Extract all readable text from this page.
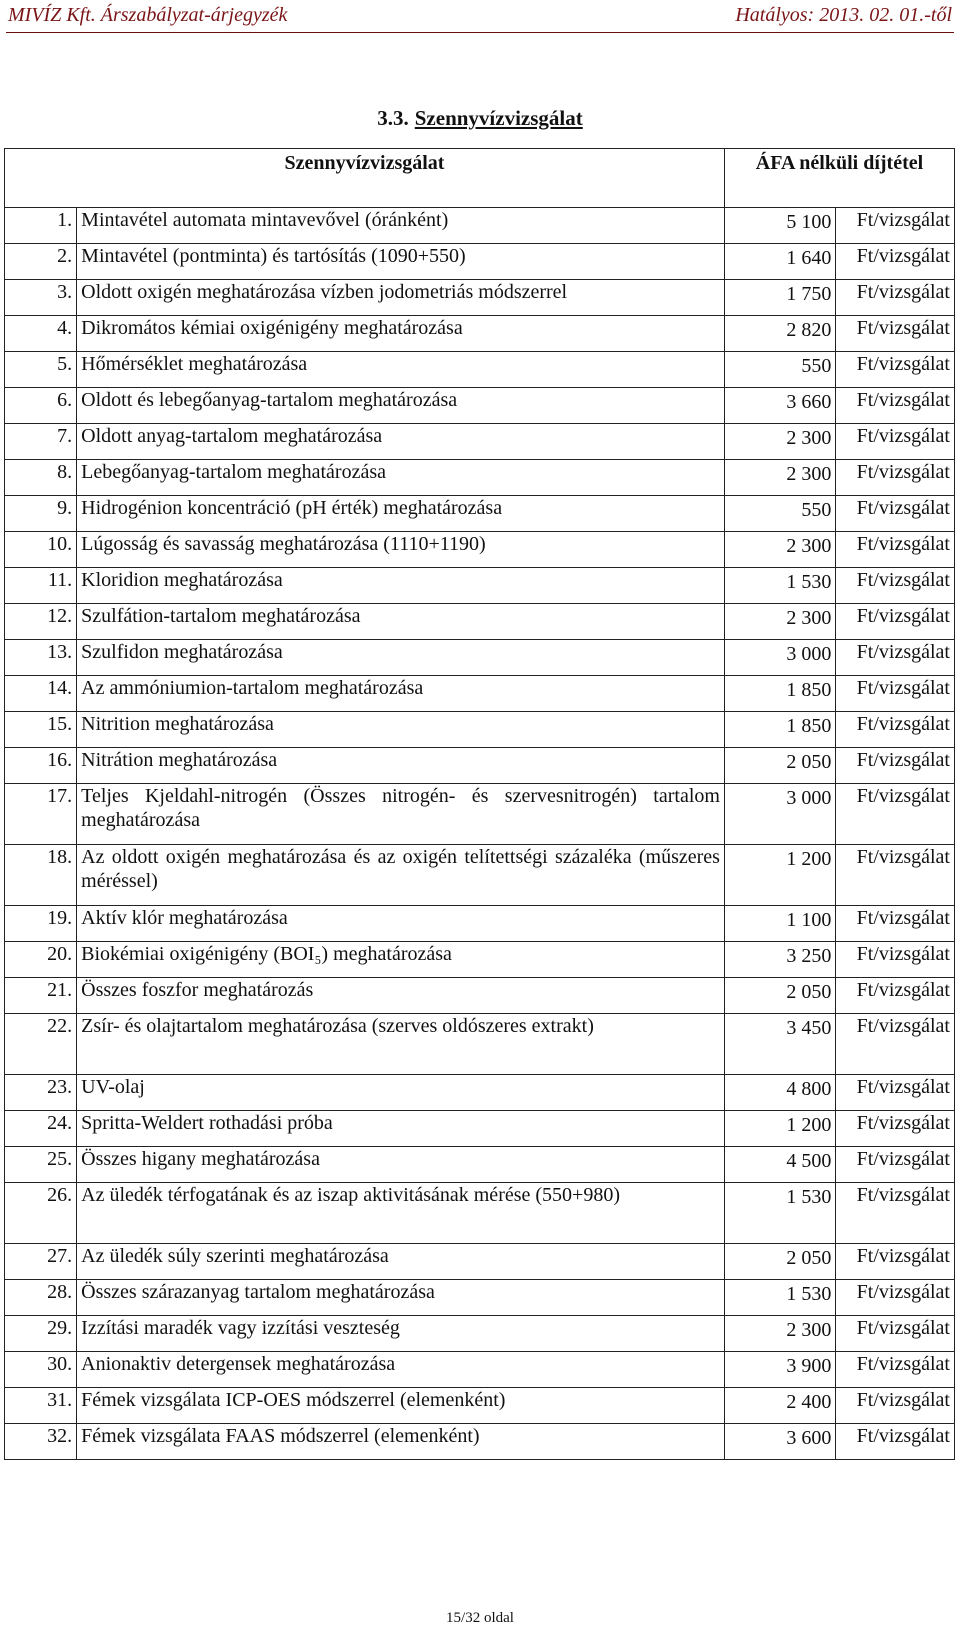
MIVÍZ Kft. Árszabályzat-árjegyzék	Hatályos: 2013. 02. 01.-től
3.3. Szennyvízvizsgálat
Szennyvízvizsgálat		ÁFA nélküli díjtétel	
1.	Mintavétel automata mintavevővel (óránként)	5 100	Ft/vizsgálat
2.	Mintavétel (pontminta) és tartósítás (1090+550)	1 640	Ft/vizsgálat
3.	Oldott oxigén meghatározása vízben jodometriás módszerrel	1 750	Ft/vizsgálat
4.	Dikromátos kémiai oxigénigény meghatározása	2 820	Ft/vizsgálat
5.	Hőmérséklet meghatározása	550	Ft/vizsgálat
6.	Oldott és lebegőanyag-tartalom meghatározása	3 660	Ft/vizsgálat
7.	Oldott anyag-tartalom meghatározása	2 300	Ft/vizsgálat
8.	Lebegőanyag-tartalom meghatározása	2 300	Ft/vizsgálat
9.	Hidrogénion koncentráció (pH érték) meghatározása	550	Ft/vizsgálat
10.	Lúgosság és savasság meghatározása (1110+1190)	2 300	Ft/vizsgálat
11.	Kloridion meghatározása	1 530	Ft/vizsgálat
12.	Szulfátion-tartalom meghatározása	2 300	Ft/vizsgálat
13.	Szulfidon meghatározása	3 000	Ft/vizsgálat
14.	Az ammóniumion-tartalom meghatározása	1 850	Ft/vizsgálat
15.	Nitrition meghatározása	1 850	Ft/vizsgálat
16.	Nitrátion meghatározása	2 050	Ft/vizsgálat
17.	Teljes Kjeldahl-nitrogén (Összes nitrogén- és szervesnitrogén) tartalom meghatározása	3 000	Ft/vizsgálat
18.	Az oldott oxigén meghatározása és az oxigén telítettségi százaléka (műszeres méréssel)	1 200	Ft/vizsgálat
19.	Aktív klór meghatározása	1 100	Ft/vizsgálat
20.	Biokémiai oxigénigény (BOI₅) meghatározása	3 250	Ft/vizsgálat
21.	Összes foszfor meghatározás	2 050	Ft/vizsgálat
22.	Zsír- és olajtartalom meghatározása (szerves oldószeres extrakt)	3 450	Ft/vizsgálat
23.	UV-olaj	4 800	Ft/vizsgálat
24.	Spritta-Weldert rothadási próba	1 200	Ft/vizsgálat
25.	Összes higany meghatározása	4 500	Ft/vizsgálat
26.	Az üledék térfogatának és az iszap aktivitásának mérése (550+980)	1 530	Ft/vizsgálat
27.	Az üledék súly szerinti meghatározása	2 050	Ft/vizsgálat
28.	Összes szárazanyag tartalom meghatározása	1 530	Ft/vizsgálat
29.	Izzítási maradék vagy izzítási veszteség	2 300	Ft/vizsgálat
30.	Anionaktiv detergensek meghatározása	3 900	Ft/vizsgálat
31.	Fémek vizsgálata ICP-OES módszerrel (elemenként)	2 400	Ft/vizsgálat
32.	Fémek vizsgálata FAAS módszerrel (elemenként)	3 600	Ft/vizsgálat
15/32 oldal
